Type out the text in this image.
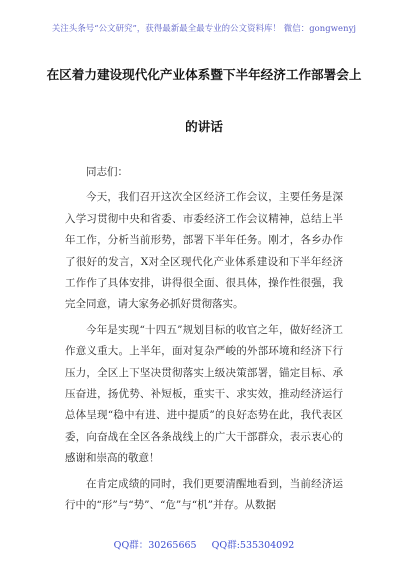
关注头条号“公文研究”，获得最新最全最专业的公文资料库！ 微信：gongwenyj
在区着力建设现代化产业体系暨下半年经济工作部署会上
的讲话

同志们：

今天，我们召开这次全区经济工作会议，主要任务是深入学习贯彻中央和省委、市委经济工作会议精神，总结上半年工作，分析当前形势，部署下半年任务。刚才，各乡办作了很好的发言，X对全区现代化产业体系建设和下半年经济工作作了具体安排，讲得很全面、很具体，操作性很强，我完全同意，请大家务必抓好贯彻落实。

今年是实现“十四五”规划目标的收官之年，做好经济工作意义重大。上半年，面对复杂严峻的外部环境和经济下行压力，全区上下坚决贯彻落实上级决策部署，锚定目标、承压奋进，扬优势、补短板，重实干、求实效，推动经济运行总体呈现“稳中有进、进中提质”的良好态势在此，我代表区委，向奋战在全区各条战线上的广大干部群众，表示衷心的感谢和崇高的敬意！

在肯定成绩的同时，我们更要清醒地看到，当前经济运行中的“形”与“势”、“危”与“机”并存。从数据

QQ群：30265665 QQ群:535304092
